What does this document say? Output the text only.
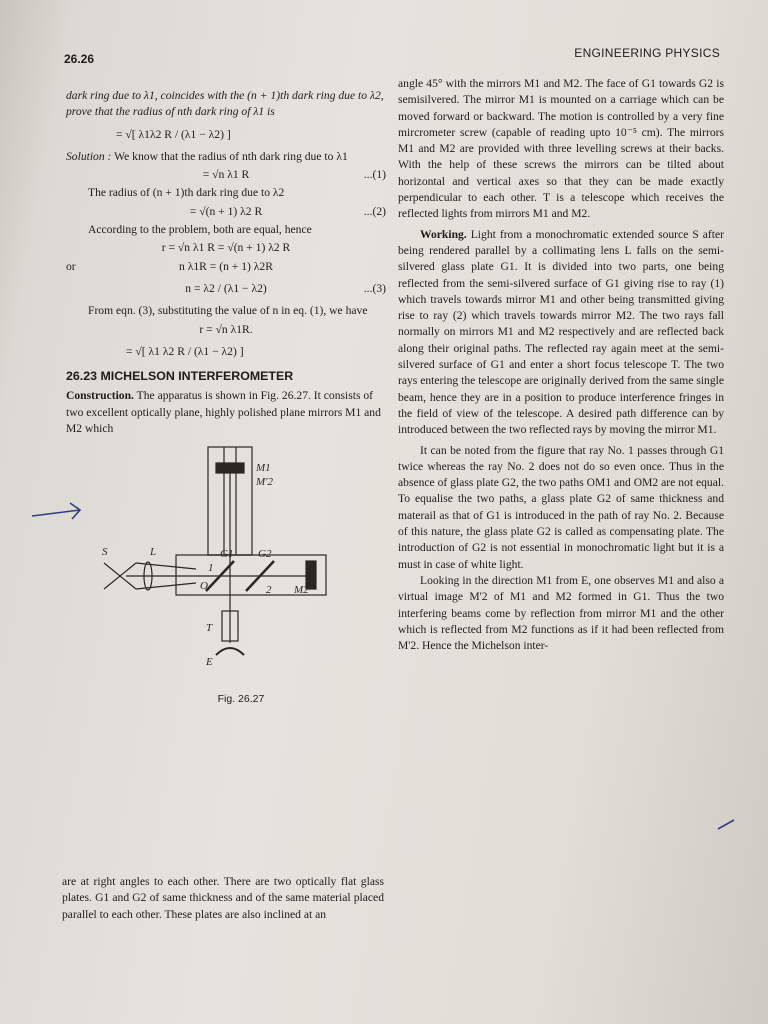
26.26	ENGINEERING PHYSICS

dark ring due to λ1, coincides with the (n + 1)th dark ring due to λ2, prove that the radius of nth dark ring of λ1 is

= √[ λ1λ2 R / (λ1 − λ2) ]

Solution : We know that the radius of nth dark ring due to λ1

= √n λ1 R	...(1)

The radius of (n + 1)th dark ring due to λ2

= √(n + 1) λ2 R	...(2)

According to the problem, both are equal, hence

r = √n λ1 R = √(n + 1) λ2 R
or	n λ1R = (n + 1) λ2R
n = λ2 / (λ1 − λ2)	...(3)

From eqn. (3), substituting the value of n in eq. (1), we have

r = √n λ1R.
= √[ λ1 λ2 R / (λ1 − λ2) ]
26.23 MICHELSON INTERFEROMETER

Construction. The apparatus is shown in Fig. 26.27. It consists of two excellent optically plane, highly polished plane mirrors M1 and M2 which

M1
M'2
S	L	G1 G2
1
2 M2
O
T
E
Fig. 26.27

are at right angles to each other. There are two optically flat glass plates. G1 and G2 of same thickness and of the same material placed parallel to each other. These plates are also inclined at an

angle 45° with the mirrors M1 and M2. The face of G1 towards G2 is semisilvered. The mirror M1 is mounted on a carriage which can be moved forward or backward. The motion is controlled by a very fine mircrometer screw (capable of reading upto 10⁻⁵ cm). The mirrors M1 and M2 are provided with three levelling screws at their backs. With the help of these screws the mirrors can be tilted about horizontal and vertical axes so that they can be made exactly perpendicular to each other. T is a telescope which receives the reflected lights from mirrors M1 and M2.

Working. Light from a monochromatic extended source S after being rendered parallel by a collimating lens L falls on the semi-silvered glass plate G1. It is divided into two parts, one being reflected from the semi-silvered surface of G1 giving rise to ray (1) which travels towards mirror M1 and other being transmitted giving rise to ray (2) which travels towards mirror M2. The two rays fall normally on mirrors M1 and M2 respectively and are reflected back along their original paths. The reflected ray again meet at the semi-silvered surface of G1 and enter a short focus telescope T. The two rays entering the telescope are originally derived from the same single beam, hence they are in a position to produce interference fringes in the field of view of the telescope. A desired path difference can by introduced between the two reflected rays by moving the mirror M1.

It can be noted from the figure that ray No. 1 passes through G1 twice whereas the ray No. 2 does not do so even once. Thus in the absence of glass plate G2, the two paths OM1 and OM2 are not equal. To equalise the two paths, a glass plate G2 of same thickness and materail as that of G1 is introduced in the path of ray No. 2. Because of this nature, the glass plate G2 is called as compensating plate. The introduction of G2 is not essential in monochromatic light but it is a must in case of white light.

Looking in the direction M1 from E, one observes M1 and also a virtual image M'2 of M1 and M2 formed in G1. Thus the two interfering beams come by reflection from mirror M1 and the other which is reflected from M2 functions as if it had been reflected from M'2. Hence the Michelson inter-
